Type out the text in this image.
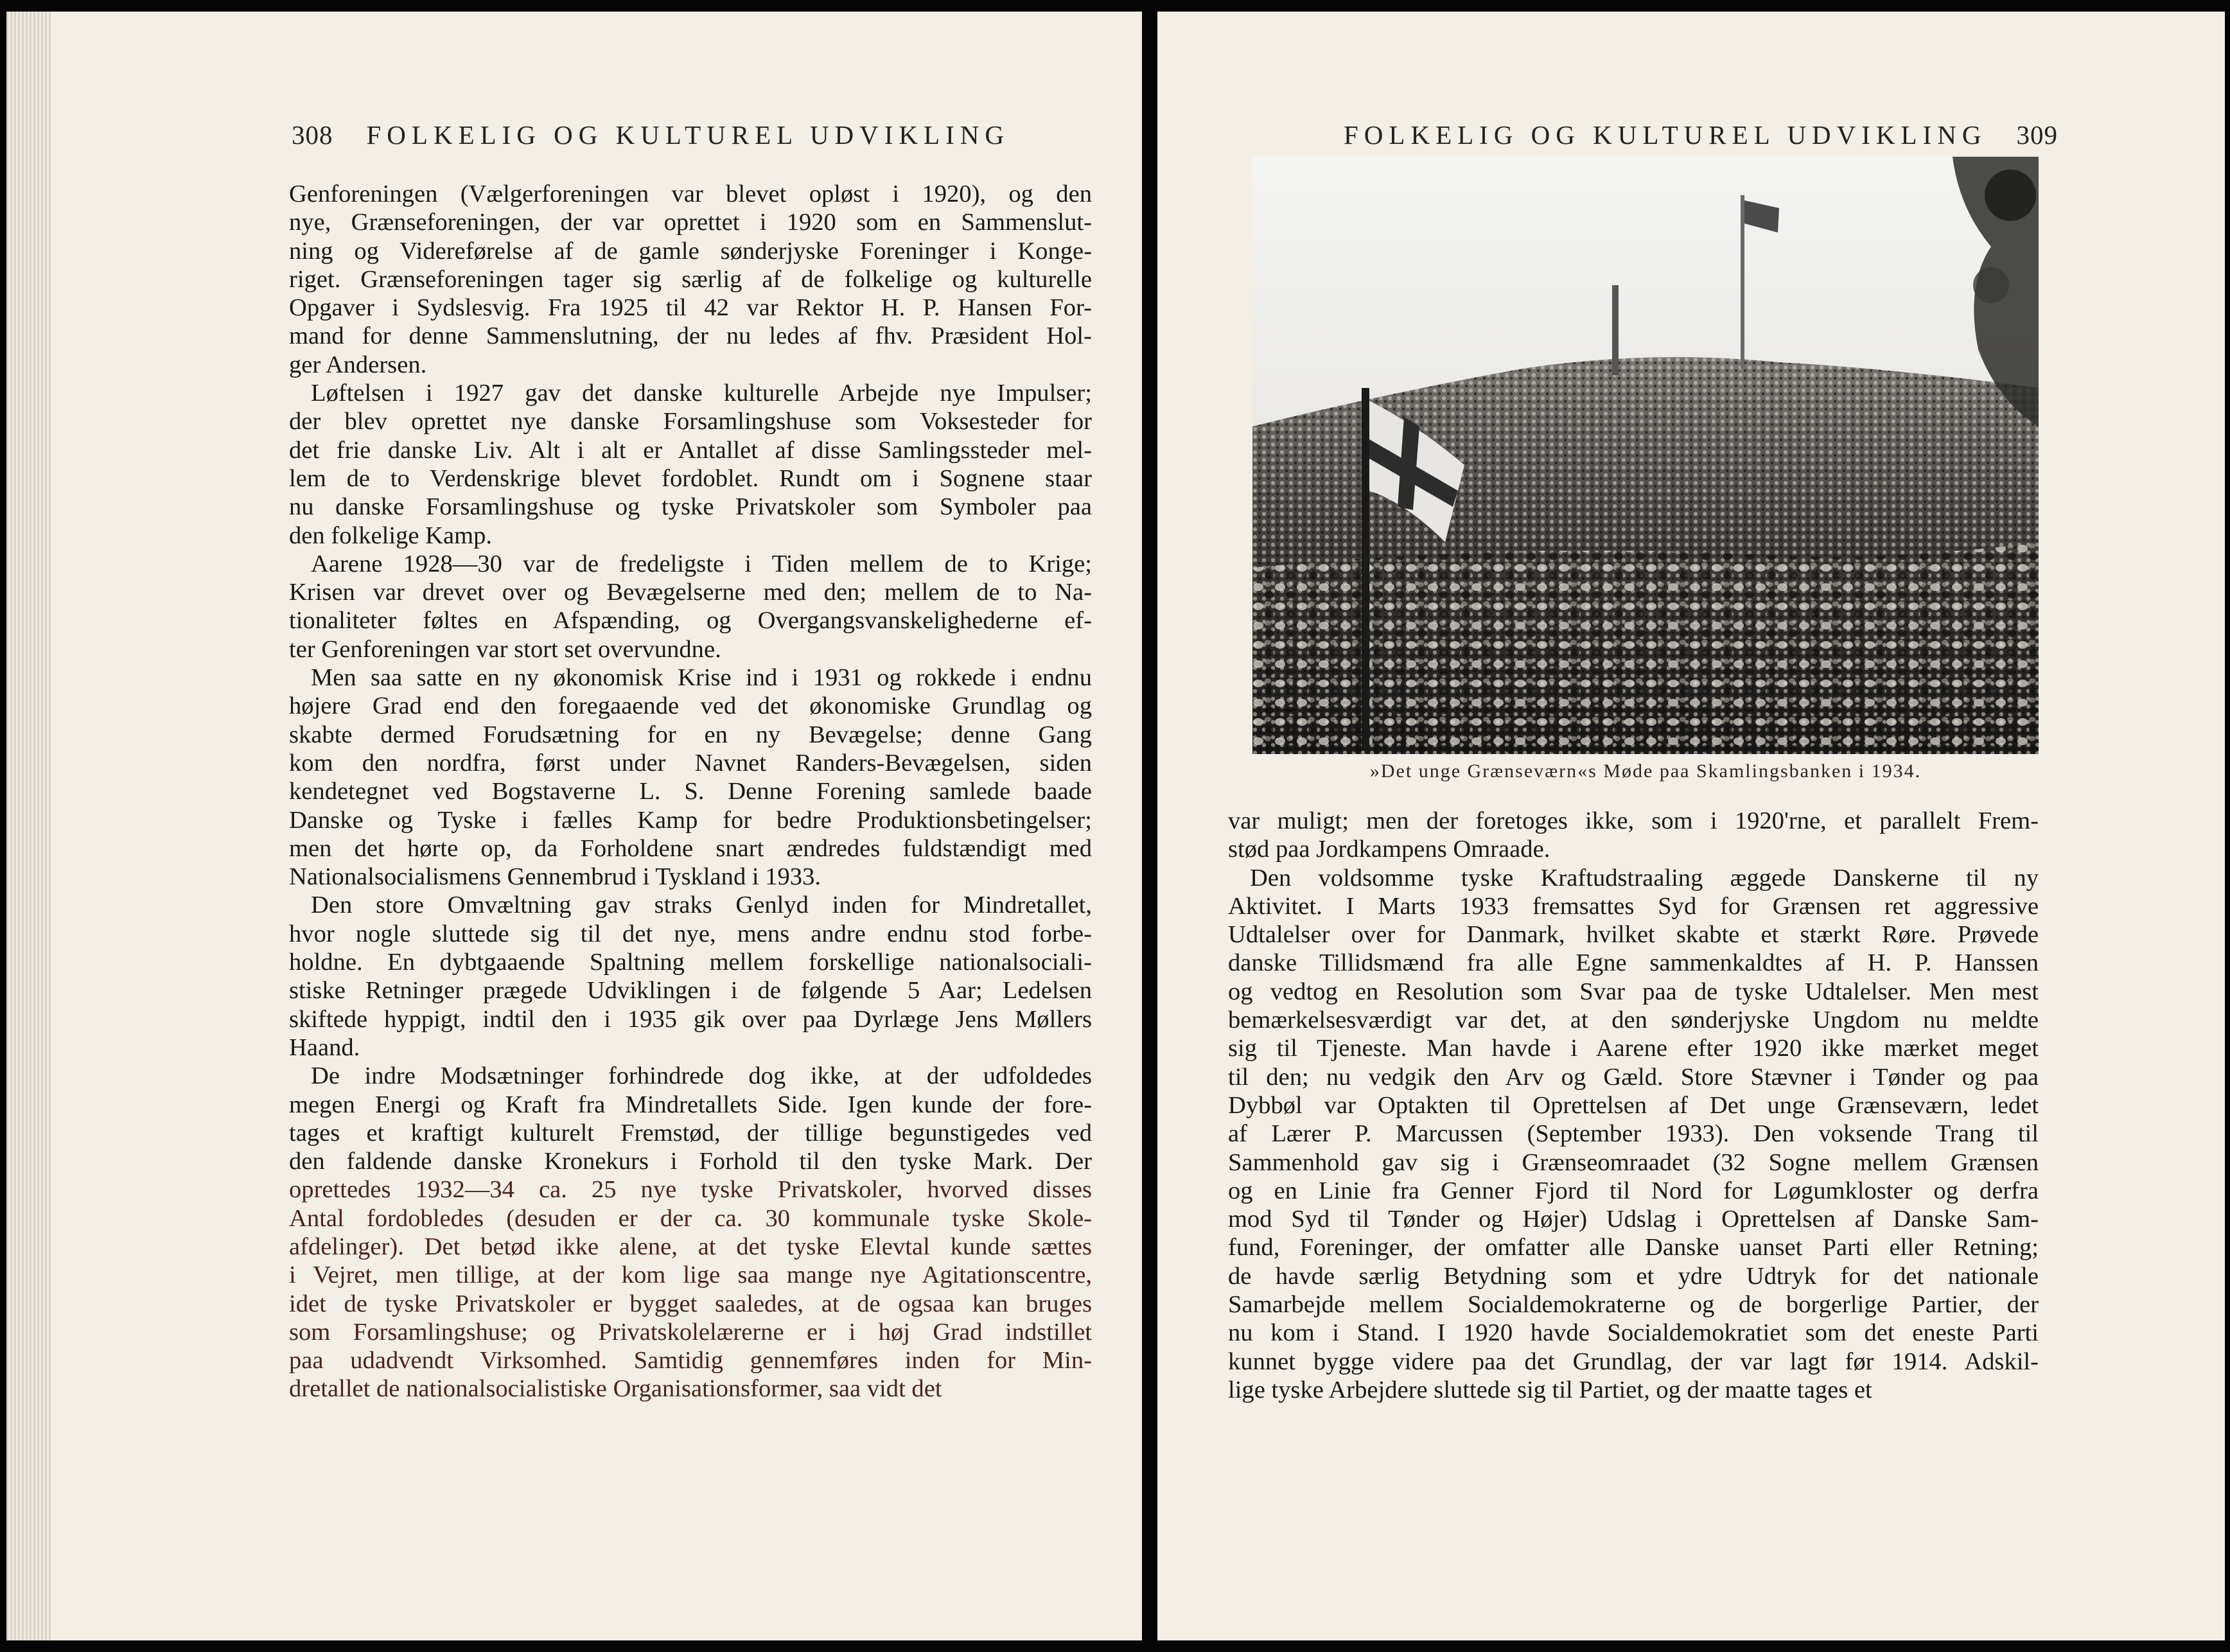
308 FOLKELIG OG KULTUREL UDVIKLING
Genforeningen (Vælgerforeningen var blevet opløst i 1920), og den
nye, Grænseforeningen, der var oprettet i 1920 som en Sammenslut-
ning og Videreførelse af de gamle sønderjyske Foreninger i Konge-
riget. Grænseforeningen tager sig særlig af de folkelige og kulturelle
Opgaver i Sydslesvig. Fra 1925 til 42 var Rektor H. P. Hansen For-
mand for denne Sammenslutning, der nu ledes af fhv. Præsident Hol-
ger Andersen.
Løftelsen i 1927 gav det danske kulturelle Arbejde nye Impulser;
der blev oprettet nye danske Forsamlingshuse som Voksesteder for
det frie danske Liv. Alt i alt er Antallet af disse Samlingssteder mel-
lem de to Verdenskrige blevet fordoblet. Rundt om i Sognene staar
nu danske Forsamlingshuse og tyske Privatskoler som Symboler paa
den folkelige Kamp.
Aarene 1928—30 var de fredeligste i Tiden mellem de to Krige;
Krisen var drevet over og Bevægelserne med den; mellem de to Na-
tionaliteter føltes en Afspænding, og Overgangsvanskelighederne ef-
ter Genforeningen var stort set overvundne.
Men saa satte en ny økonomisk Krise ind i 1931 og rokkede i endnu
højere Grad end den foregaaende ved det økonomiske Grundlag og
skabte dermed Forudsætning for en ny Bevægelse; denne Gang
kom den nordfra, først under Navnet Randers-Bevægelsen, siden
kendetegnet ved Bogstaverne L. S. Denne Forening samlede baade
Danske og Tyske i fælles Kamp for bedre Produktionsbetingelser;
men det hørte op, da Forholdene snart ændredes fuldstændigt med
Nationalsocialismens Gennembrud i Tyskland i 1933.
Den store Omvæltning gav straks Genlyd inden for Mindretallet,
hvor nogle sluttede sig til det nye, mens andre endnu stod forbe-
holdne. En dybtgaaende Spaltning mellem forskellige nationalsociali-
stiske Retninger prægede Udviklingen i de følgende 5 Aar; Ledelsen
skiftede hyppigt, indtil den i 1935 gik over paa Dyrlæge Jens Møllers
Haand.
De indre Modsætninger forhindrede dog ikke, at der udfoldedes
megen Energi og Kraft fra Mindretallets Side. Igen kunde der fore-
tages et kraftigt kulturelt Fremstød, der tillige begunstigedes ved
den faldende danske Kronekurs i Forhold til den tyske Mark. Der
oprettedes 1932—34 ca. 25 nye tyske Privatskoler, hvorved disses
Antal fordobledes (desuden er der ca. 30 kommunale tyske Skole-
afdelinger). Det betød ikke alene, at det tyske Elevtal kunde sættes
i Vejret, men tillige, at der kom lige saa mange nye Agitationscentre,
idet de tyske Privatskoler er bygget saaledes, at de ogsaa kan bruges
som Forsamlingshuse; og Privatskolelærerne er i høj Grad indstillet
paa udadvendt Virksomhed. Samtidig gennemføres inden for Min-
dretallet de nationalsocialistiske Organisationsformer, saa vidt det
FOLKELIG OG KULTUREL UDVIKLING 309
»Det unge Grænseværn«s Møde paa Skamlingsbanken i 1934.
var muligt; men der foretoges ikke, som i 1920'rne, et parallelt Frem-
stød paa Jordkampens Omraade.
Den voldsomme tyske Kraftudstraaling æggede Danskerne til ny
Aktivitet. I Marts 1933 fremsattes Syd for Grænsen ret aggressive
Udtalelser over for Danmark, hvilket skabte et stærkt Røre. Prøvede
danske Tillidsmænd fra alle Egne sammenkaldtes af H. P. Hanssen
og vedtog en Resolution som Svar paa de tyske Udtalelser. Men mest
bemærkelsesværdigt var det, at den sønderjyske Ungdom nu meldte
sig til Tjeneste. Man havde i Aarene efter 1920 ikke mærket meget
til den; nu vedgik den Arv og Gæld. Store Stævner i Tønder og paa
Dybbøl var Optakten til Oprettelsen af Det unge Grænseværn, ledet
af Lærer P. Marcussen (September 1933). Den voksende Trang til
Sammenhold gav sig i Grænseomraadet (32 Sogne mellem Grænsen
og en Linie fra Genner Fjord til Nord for Løgumkloster og derfra
mod Syd til Tønder og Højer) Udslag i Oprettelsen af Danske Sam-
fund, Foreninger, der omfatter alle Danske uanset Parti eller Retning;
de havde særlig Betydning som et ydre Udtryk for det nationale
Samarbejde mellem Socialdemokraterne og de borgerlige Partier, der
nu kom i Stand. I 1920 havde Socialdemokratiet som det eneste Parti
kunnet bygge videre paa det Grundlag, der var lagt før 1914. Adskil-
lige tyske Arbejdere sluttede sig til Partiet, og der maatte tages et
